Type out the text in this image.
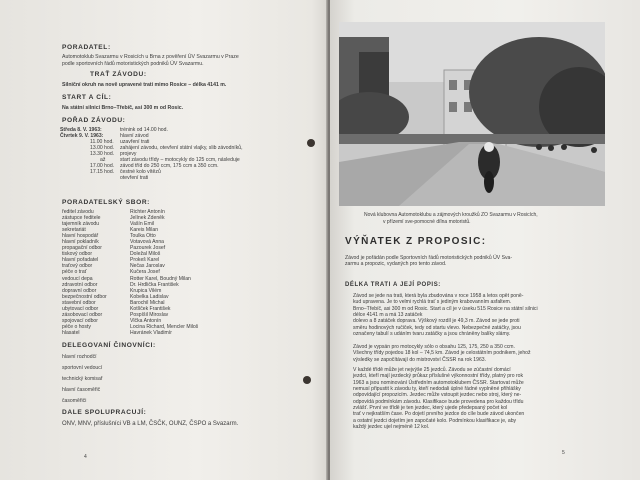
PORADATEL:
Automotoklub Svazarmu v Rosicích u Brna z pověření ÚV Svazarmu v Praze
podle sportovních řádů motoristických podniků ÚV Svazarmu.
TRAŤ ZÁVODU:
Silniční okruh na nově upravené trati mimo Rosice – délka 4141 m.
START A CÍL:
Na státní silnici Brno–Třebíč, asi 300 m od Rosic.
POŘAD ZÁVODU:
Středa 8. V. 1963:
Čtvrtek 9. V. 1963:
11.00 hod.
13.00 hod.
13.30 hod.
až
17.00 hod.
17.15 hod.
trénink od 14.00 hod.
hlavní závod
uzavření trati
zahájení závodu, otevření státní vlajky, slib závodníků,
projevy
start závodu třídy – motocykly do 125 ccm, následuje
závod tříd do 250 ccm, 175 ccm a 350 ccm.
čestné kolo vítězů
otevření trati
PORADATELSKÝ SBOR:
ředitel závodu
zástupce ředitele
tajemník závodu
sekretariát
hlavní hospodář
hlavní pokladník
propagační odbor
tiskový odbor
hlavní pořadatel
traťový odbor
péče o trať
vedoucí depa
zdravotní odbor
dopravní odbor
bezpečnostní odbor
stavební odbor
ubytovací odbor
zásobovací odbor
spojovací odbor
péče o hosty
hlasatel
Richter Antonín
Jelínek Zdeněk
Vašín Emil
Kareis Milan
Toulka Otto
Votavová Anna
Pazourek Josef
Doležal Miloš
Prokeš Karel
Nečas Jaroslav
Kučera Josef
Rotter Karel, Boudný Milan
Dr. Hrdlička František
Krupica Vilém
Kobelka Ladislav
Barochil Michal
Kotlíček František
Pospíšil Miroslav
Vlčka Antonín
Locina Richard, Mencler Miloš
Havránek Vladimír
DELEGOVANÍ ČINOVNÍCI:
hlavní rozhodčí
sportovní vedoucí
technický komisař
hlavní časoměřič
časoměřiči
DALE SPOLUPRACUJÍ:
ONV, MNV, příslušníci VB a LM, ČSČK, OUNZ, ČSPO a Svazarm.
4
Nová klubovna Automotoklubu a zájmových kroužků ZO Svazarmu v Rosicích,
v přízemí sve-pomocné dílna motoristů.
VÝŇATEK Z PROPOSIC:
Závod je pořádán podle Sportovních řádů motoristických podniků ÚV Sva-
zarmu a propozic, vydaných pro tento závod.
DÉLKA TRATI A JEJÍ POPIS:
Závod se jede na trati, která byla zbudována v roce 1958 a letos opět poně-
kud upravena. Je to velmi rychlá trať s jediným krabovanním asfaltem.
Brno–Třebíč, asi 300 m od Rosic. Start a cíl je v úseku 515 Rosice na státní silnici
délce 4141 m a má 13 zatáček
dolevo a 8 zatáček doprava. Výškový rozdíl je 49,3 m. Závod se jede proti
směru hodinových ručiček, tedy od startu vlevo. Nebezpečné zatáčky, jsou
označeny tabulí s udáním tvaru zatáčky a jsou chráněny balíky slámy.
Závod je vypsán pro motocykly sólo o obsahu 125, 175, 250 a 350 ccm.
Všechny třídy pojedou 18 kol – 74,5 km. Závod je celostátním podnikem, jehož
výsledky se započítávají do mistrovství ČSSR na rok 1963.
V každé třídě může jet nejvýše 25 jezdců. Závodu se zúčastní domácí
jezdci, kteří mají jezdecký průkaz příslušné výkonnostní třídy, platný pro rok
1963 a jsou nominování Ústředním automotoklubem ČSSR. Startovat může
nemusí připustit k závodu ty, kteří nedodali úplné řádné vyplněné přihlášky
odpovídající propozicím. Jezdec může vstoupit jezdec nebo stroj, který ne-
odpovídá podmínkám závodu. Klasifikace bude provedena pro každou třídu
zvlášť. První ve třídě je ten jezdec, který ujede předepsaný počet kol
trať v nejkratším čase. Po dojetí prvního jezdce do cíle bude závod ukončen
a ostatní jezdci dojetím jen započaté kolo. Podmínkou klasifikace je, aby
každý jezdec ujel nejméně 12 kol.
5
